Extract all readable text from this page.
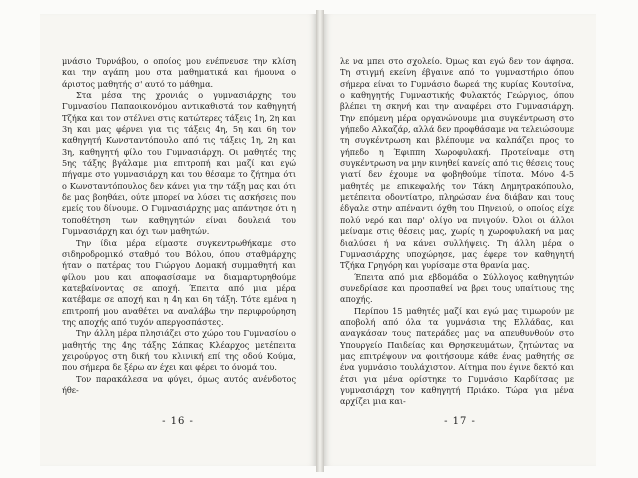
μνάσιο Τυρνάβου, ο οποίος μου ενέπνευσε την κλίση και την αγάπη μου στα μαθηματικά και ήμουνα ο άριστος μαθητής σ' αυτό το μάθημα.

Στα μέσα της χρονιάς ο γυμνασιάρχης του Γυμνασίου Παπαοικονόμου αντικαθιστά τον καθηγητή Τζήκα και τον στέλνει στις κατώτερες τάξεις 1η, 2η και 3η και μας φέρνει για τις τάξεις 4η, 5η και 6η τον καθηγητή Κωνσταντόπουλο από τις τάξεις 1η, 2η και 3η, καθηγητή φίλο του Γυμνασιάρχη. Οι μαθητές της 5ης τάξης βγάλαμε μια επιτροπή και μαζί και εγώ πήγαμε στο γυμνασιάρχη και του θέσαμε το ζήτημα ότι ο Κωνσταντόπουλος δεν κάνει για την τάξη μας και ότι δε μας βοηθάει, ούτε μπορεί να λύσει τις ασκήσεις που εμείς του δίνουμε. Ο Γυμνασιάρχης μας απάντησε ότι η τοποθέτηση των καθηγητών είναι δουλειά του Γυμνασιάρχη και όχι των μαθητών.

Την ίδια μέρα είμαστε συγκεντρωθήκαμε στο σιδηροδρομικό σταθμό του Βόλου, όπου σταθμάρχης ήταν ο πατέρας του Γιώργου Δομακή συμμαθητή και φίλου μου και αποφασίσαμε να διαμαρτυρηθούμε κατεβαίνοντας σε αποχή. Έπειτα από μια μέρα κατέβαμε σε αποχή και η 4η και 6η τάξη. Τότε εμένα η επιτροπή μου αναθέτει να αναλάβω την περιφρούρηση της αποχής από τυχόν απεργοσπάστες.

Την άλλη μέρα πλησιάζει στο χώρο του Γυμνασίου ο μαθητής της 4ης τάξης Σάπκας Κλέαρχος μετέπειτα χειρούργος στη δική του κλινική επί της οδού Κούμα, που σήμερα δε ξέρω αν έχει και φέρει το όνομά του.

Τον παρακάλεσα να φύγει, όμως αυτός ανένδοτος ήθε-

- 16 -

λε να μπει στο σχολείο. Όμως και εγώ δεν τον άφησα. Τη στιγμή εκείνη έβγαινε από το γυμναστήριο όπου σήμερα είναι το Γυμνάσιο δωρεά της κυρίας Κουτσίνα, ο καθηγητής Γυμναστικής Φυλακτός Γεώργιος, όπου βλέπει τη σκηνή και την αναφέρει στο Γυμνασιάρχη. Την επόμενη μέρα οργανώνουμε μια συγκέντρωση στο γήπεδο Αλκαζάρ, αλλά δεν προφθάσαμε να τελειώσουμε τη συγκέντρωση και βλέπουμε να καλπάζει προς το γήπεδο η Έφιππη Χωροφυλακή. Προτείναμε στη συγκέντρωση να μην κινηθεί κανείς από τις θέσεις τους γιατί δεν έχουμε να φοβηθούμε τίποτα. Μόνο 4-5 μαθητές με επικεφαλής τον Τάκη Δημητρακόπουλο, μετέπειτα οδοντίατρο, πληρώσαν ένα διάβαν και τους έδγαλε στην απέναντι όχθη του Πηνειού, ο οποίος είχε πολύ νερό και παρ' ολίγο να πνιγούν. Όλοι οι άλλοι μείναμε στις θέσεις μας, χωρίς η χωροφυλακή να μας διαλύσει ή να κάνει συλλήψεις. Τη άλλη μέρα ο Γυμνασιάρχης υποχώρησε, μας έφερε τον καθηγητή Τζήκα Γρηγόρη και γυρίσαμε στα θρανία μας.

Έπειτα από μια εβδομάδα ο Σύλλογος καθηγητών συνεδρίασε και προσπαθεί να βρει τους υπαίτιους της αποχής.

Περίπου 15 μαθητές μαζί και εγώ μας τιμωρούν με αποβολή από όλα τα γυμνάσια της Ελλάδας, και αναγκάσαν τους πατεράδες μας να απευθυνθούν στο Υπουργείο Παιδείας και Θρησκευμάτων, ζητώντας να μας επιτρέψουν να φοιτήσουμε κάθε ένας μαθητής σε ένα γυμνάσιο τουλάχιστον. Αίτημα που έγινε δεκτό και έτσι για μένα ορίστηκε το Γυμνάσιο Καρδίτσας με γυμνασιάρχη τον καθηγητή Πριάκο. Τώρα για μένα αρχίζει μια και-

- 17 -
